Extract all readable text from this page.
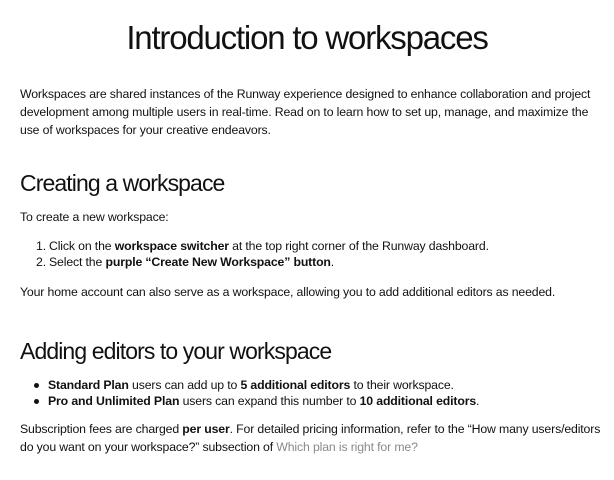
Introduction to workspaces

Workspaces are shared instances of the Runway experience designed to enhance collaboration and project development among multiple users in real-time. Read on to learn how to set up, manage, and maximize the use of workspaces for your creative endeavors.

Creating a workspace

To create a new workspace:

1. Click on the workspace switcher at the top right corner of the Runway dashboard.
2. Select the purple “Create New Workspace” button.

Your home account can also serve as a workspace, allowing you to add additional editors as needed.

Adding editors to your workspace
Standard Plan users can add up to 5 additional editors to their workspace.
Pro and Unlimited Plan users can expand this number to 10 additional editors.

Subscription fees are charged per user. For detailed pricing information, refer to the “How many users/editors do you want on your workspace?” subsection of Which plan is right for me?
